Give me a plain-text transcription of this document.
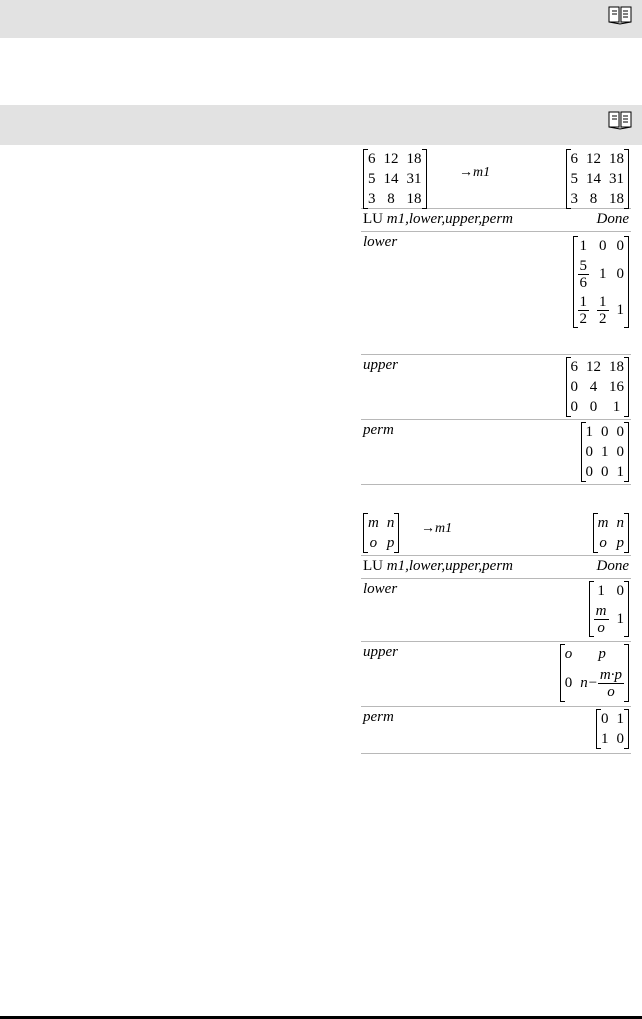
6	12	18
5	14	31
3	8	18
→m1
6	12	18
5	14	31
3	8	18
LU m1,lower,upper,perm	Done
lower	1	0	0

$\frac{5}{6}$	1	0

$\frac{1}{2}$	$\frac{1}{2}$	1
upper	6	12	18
0	4	16
0	0	1
perm	1	0	0
0	1	0
0	0	1
m	n
o	p
→m1	m	n
o	p
LU m1,lower,upper,perm	Done
lower	1	0

$\frac{m}{o}$	1
upper	o	p
0	$n- \frac{m\cdot p}{o}$
perm	0	1
1	0
